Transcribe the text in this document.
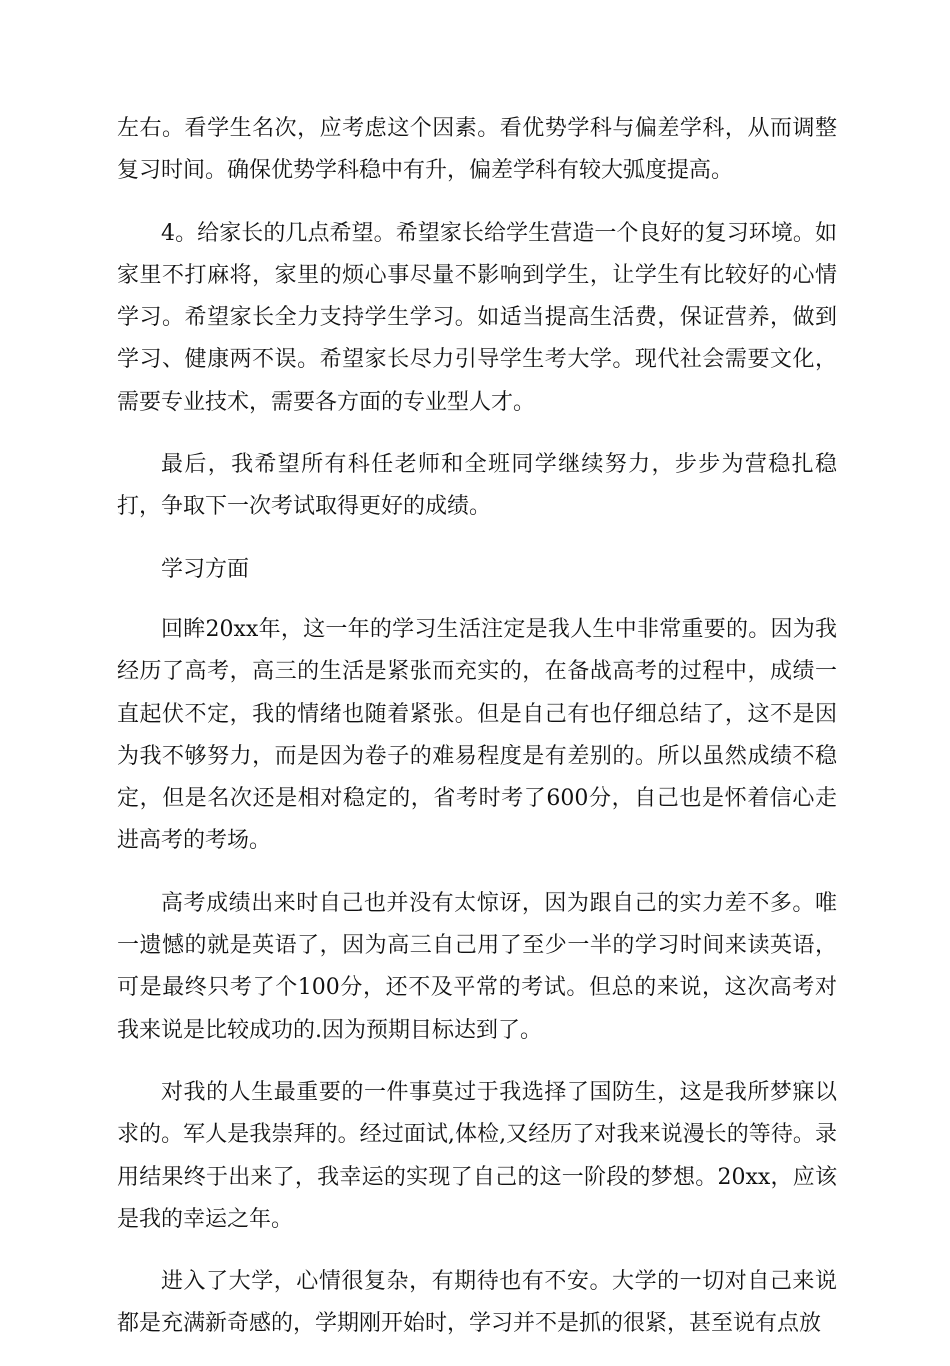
左右。看学生名次，应考虑这个因素。看优势学科与偏差学科，从而调整复习时间。确保优势学科稳中有升，偏差学科有较大弧度提高。

4。给家长的几点希望。希望家长给学生营造一个良好的复习环境。如家里不打麻将，家里的烦心事尽量不影响到学生，让学生有比较好的心情学习。希望家长全力支持学生学习。如适当提高生活费，保证营养，做到学习、健康两不误。希望家长尽力引导学生考大学。现代社会需要文化，需要专业技术，需要各方面的专业型人才。

最后，我希望所有科任老师和全班同学继续努力，步步为营稳扎稳打，争取下一次考试取得更好的成绩。

学习方面

回眸20xx年，这一年的学习生活注定是我人生中非常重要的。因为我经历了高考，高三的生活是紧张而充实的，在备战高考的过程中，成绩一直起伏不定，我的情绪也随着紧张。但是自己有也仔细总结了，这不是因为我不够努力，而是因为卷子的难易程度是有差别的。所以虽然成绩不稳定，但是名次还是相对稳定的，省考时考了600分，自己也是怀着信心走进高考的考场。

高考成绩出来时自己也并没有太惊讶，因为跟自己的实力差不多。唯一遗憾的就是英语了，因为高三自己用了至少一半的学习时间来读英语，可是最终只考了个100分，还不及平常的考试。但总的来说，这次高考对我来说是比较成功的.因为预期目标达到了。

对我的人生最重要的一件事莫过于我选择了国防生，这是我所梦寐以求的。军人是我崇拜的。经过面试,体检,又经历了对我来说漫长的等待。录用结果终于出来了，我幸运的实现了自己的这一阶段的梦想。20xx，应该是我的幸运之年。

进入了大学，心情很复杂，有期待也有不安。大学的一切对自己来说都是充满新奇感的，学期刚开始时，学习并不是抓的很紧，甚至说有点放
